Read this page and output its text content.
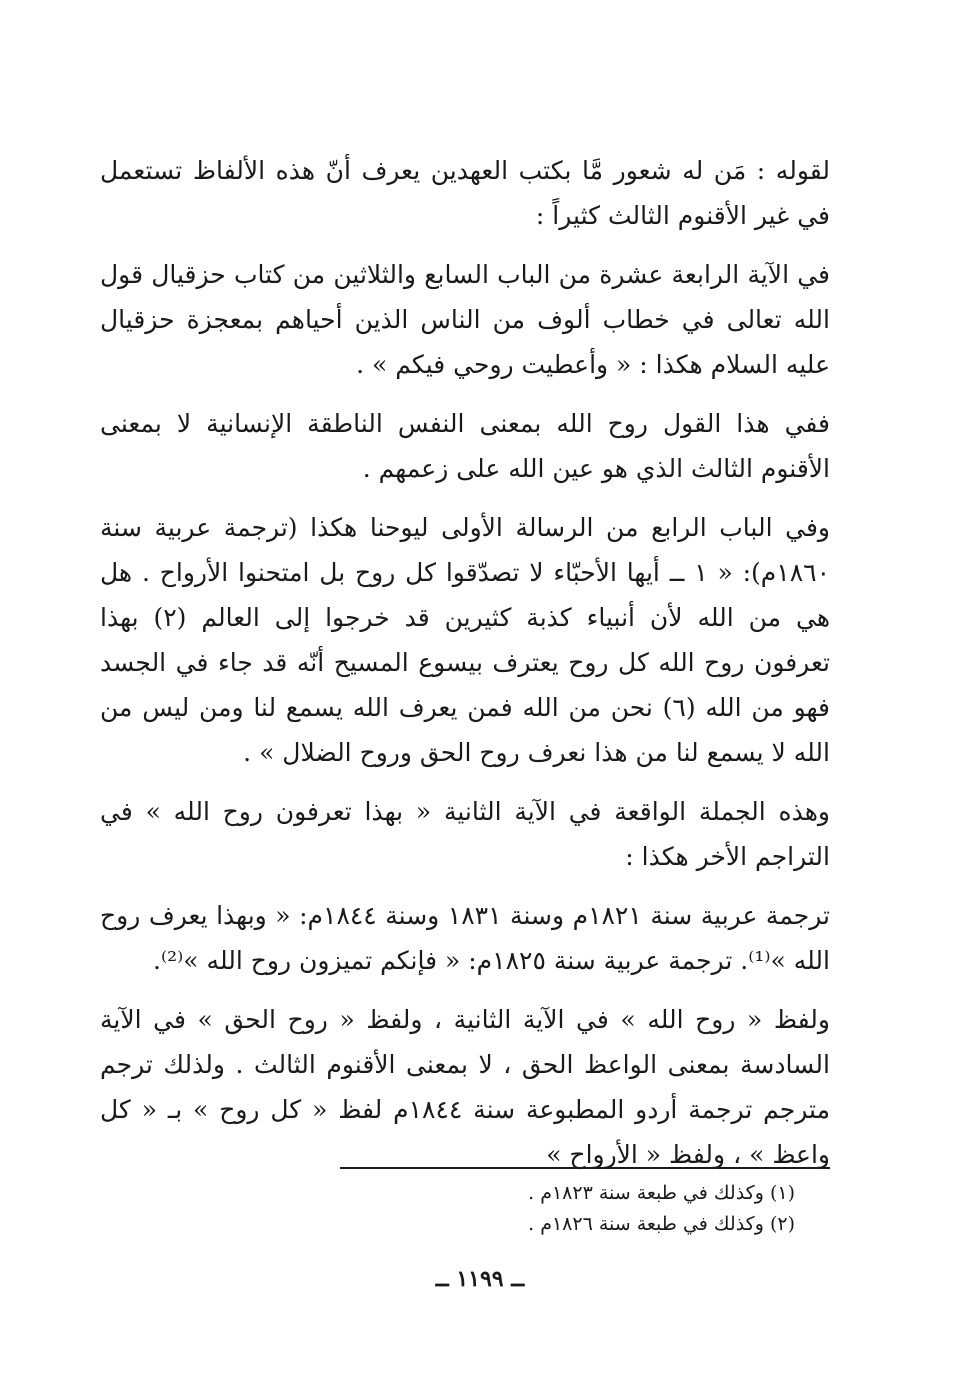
لقوله : مَن له شعور مَّا بكتب العهدين يعرف أنّ هذه الألفاظ تستعمل في غير الأقنوم الثالث كثيراً :

في الآية الرابعة عشرة من الباب السابع والثلاثين من كتاب حزقيال قول الله تعالى في خطاب ألوف من الناس الذين أحياهم بمعجزة حزقيال عليه السلام هكذا : « وأعطيت روحي فيكم » .

ففي هذا القول روح الله بمعنى النفس الناطقة الإنسانية لا بمعنى الأقنوم الثالث الذي هو عين الله على زعمهم .

وفي الباب الرابع من الرسالة الأولى ليوحنا هكذا (ترجمة عربية سنة ١٨٦٠م): « ١ ــ أيها الأحبّاء لا تصدّقوا كل روح بل امتحنوا الأرواح . هل هي من الله لأن أنبياء كذبة كثيرين قد خرجوا إلى العالم (٢) بهذا تعرفون روح الله كل روح يعترف بيسوع المسيح أنّه قد جاء في الجسد فهو من الله (٦) نحن من الله فمن يعرف الله يسمع لنا ومن ليس من الله لا يسمع لنا من هذا نعرف روح الحق وروح الضلال » .

وهذه الجملة الواقعة في الآية الثانية « بهذا تعرفون روح الله » في التراجم الأخر هكذا :

ترجمة عربية سنة ١٨٢١م وسنة ١٨٣١ وسنة ١٨٤٤م: « وبهذا يعرف روح الله »⁽¹⁾. ترجمة عربية سنة ١٨٢٥م: « فإنكم تميزون روح الله »⁽²⁾.

ولفظ « روح الله » في الآية الثانية ، ولفظ « روح الحق » في الآية السادسة بمعنى الواعظ الحق ، لا بمعنى الأقنوم الثالث . ولذلك ترجم مترجم ترجمة أردو المطبوعة سنة ١٨٤٤م لفظ « كل روح » بـ « كل واعظ » ، ولفظ « الأرواح »

(١) وكذلك في طبعة سنة ١٨٢٣م .

(٢) وكذلك في طبعة سنة ١٨٢٦م .

ــ ١١٩٩ ــ
